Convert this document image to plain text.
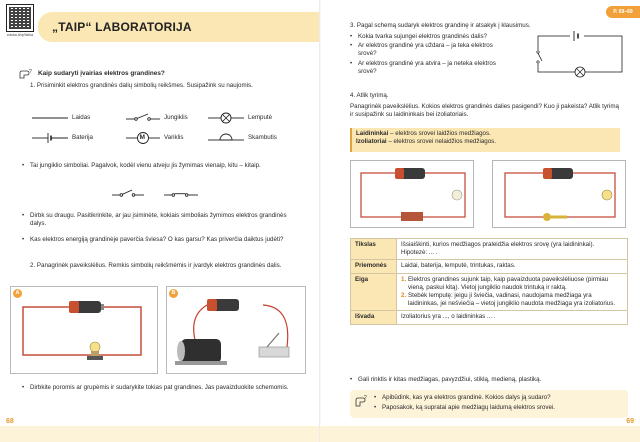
eduka.lt/qr/fizika
„TAIP“ LABORATORIJA
? Kaip sudaryti įvairias elektros grandines?
1. Prisiminkit elektros grandinės dalių simbolių reikšmes. Susipažink su naujomis.
Laidas	Jungiklis	Lemputė
Baterija	M	Variklis	Skambutis
• Tai jungiklio simboliai. Pagalvok, kodėl vienu atveju jis žymimas vienaip, kitu – kitaip.
• Dirbk su draugu. Pasitikrinkite, ar jau įsiminėte, kokiais simboliais žymimos elektros grandinės dalys.
• Kas elektros energiją grandinėje paverčia šviesa? O kas garsu? Kas priverčia daiktus judėti?
2. Panagrinėk paveikslėlius. Remkis simbolių reikšmėmis ir įvardyk elektros grandinės dalis.
A	B
• Dirbkite poromis ar grupėmis ir sudarykite tokias pat grandines. Jas pavaizduokite schemomis.
68
P. 69–69
3. Pagal schemą sudaryk elektros grandinę ir atsakyk į klausimus.
• Kokia tvarka sujungei elektros grandinės dalis?
• Ar elektros grandinė yra uždara – ja teka elektros srovė?
• Ar elektros grandinė yra atvira – ja neteka elektros srovė?
4. Atlik tyrimą.
Panagrinėk paveikslėlius. Kokios elektros grandinės dalies pasigendi? Kuo ji pakeista? Atlik tyrimą ir susipažink su laidininkais bei izoliatoriais.
Laidininkai – elektros srovei laidžios medžiagos.
Izoliatoriai – elektros srovei nelaidžios medžiagos.
Tikslas	Išsiaiškinti, kurios medžiagos praleidžia elektros srovę (yra laidininkai).
Hipotezė: ... .

Priemonės	Laidai, baterija, lemputė, trintukas, raktas.
Eiga	1. Elektros grandines sujunk taip, kaip pavaizduota paveikslėliuose (pirmiau vieną, paskui kitą). Vietoj jungiklio naudok trintuką ir raktą.
2. Stebėk lemputę: jeigu ji šviečia, vadinasi, naudojama medžiaga yra laidininkas, jei nešviečia – vietoj jungiklio naudota medžiaga yra izoliatorius.

Išvada	Izoliatorius yra ..., o laidininkas ... .
• Gali rinktis ir kitas medžiagas, pavyzdžiui, stiklą, medieną, plastiką.
? • Apibūdink, kas yra elektros grandinė. Kokios dalys ją sudaro?
• Paposakok, ką supratai apie medžiagų laidumą elektros srovei.
69
